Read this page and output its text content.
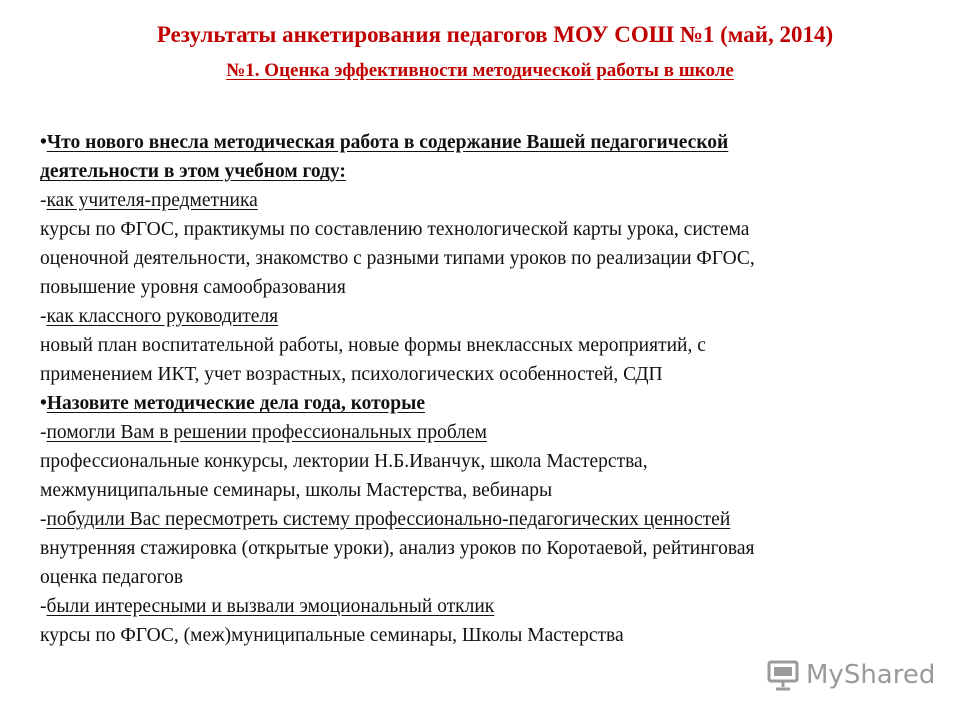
Результаты анкетирования педагогов МОУ СОШ №1 (май, 2014)
№1. Оценка эффективности методической работы в школе
•Что нового внесла методическая работа в содержание Вашей педагогической
деятельности в этом учебном году:
-как учителя-предметника
курсы по ФГОС, практикумы по составлению технологической карты урока, система
оценочной деятельности, знакомство с разными типами уроков по реализации ФГОС,
повышение уровня самообразования
-как классного руководителя
новый план воспитательной работы, новые формы внеклассных мероприятий, с
применением ИКТ, учет возрастных, психологических особенностей, СДП
•Назовите методические дела года, которые
-помогли Вам в решении профессиональных проблем
профессиональные конкурсы, лектории Н.Б.Иванчук, школа Мастерства,
межмуниципальные семинары, школы Мастерства, вебинары
-побудили Вас пересмотреть систему профессионально-педагогических ценностей
внутренняя стажировка (открытые уроки), анализ уроков по Коротаевой, рейтинговая
оценка педагогов
-были интересными и вызвали эмоциональный отклик
курсы по ФГОС, (меж)муниципальные семинары, Школы Мастерства
MyShared
